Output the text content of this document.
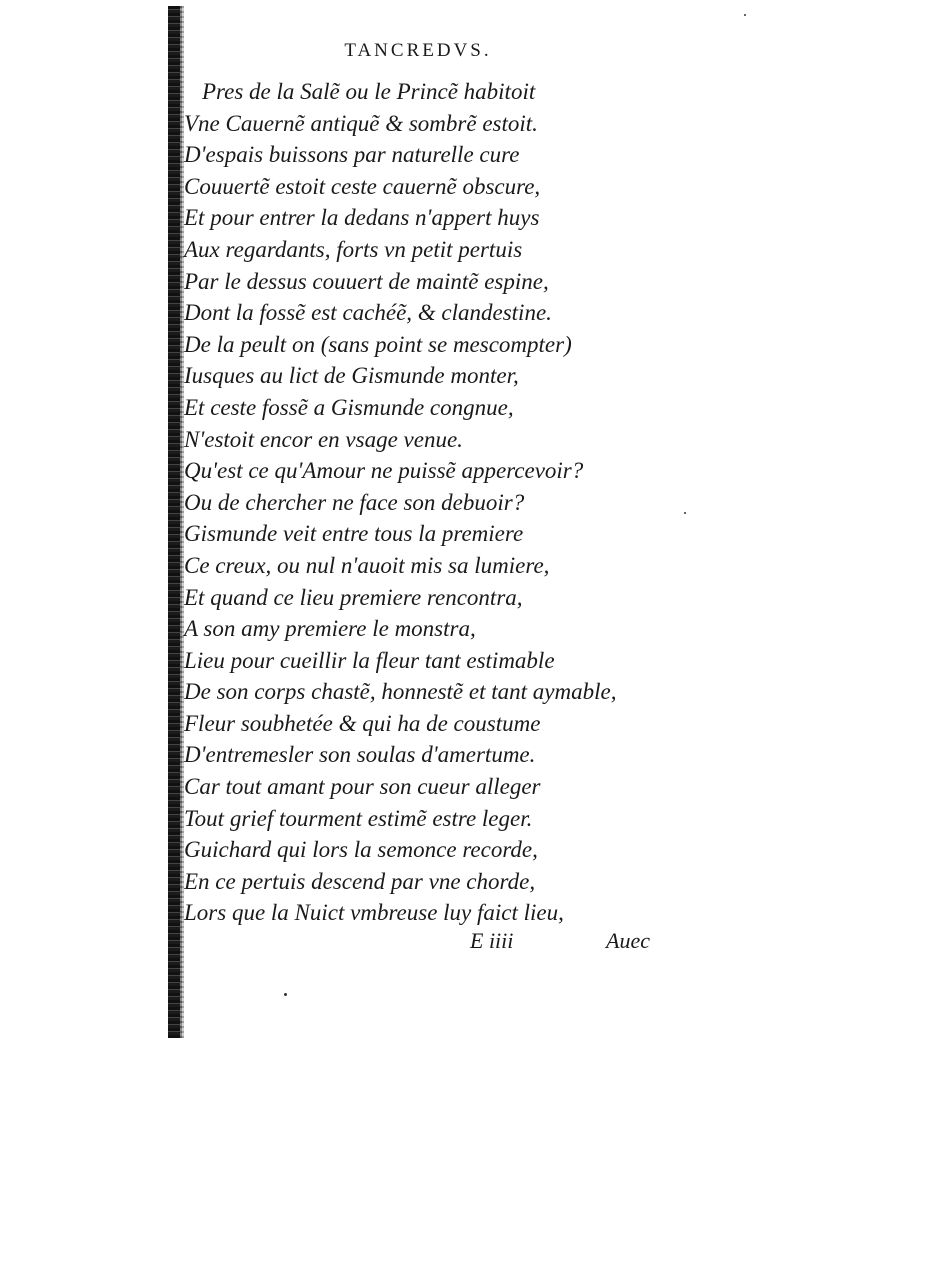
TANCREDVS.
Pres de la Salẽ ou le Princẽ habitoit
Vne Cauernẽ antiquẽ & sombrẽ estoit.
D'espais buissons par naturelle cure
Couuertẽ estoit ceste cauernẽ obscure,
Et pour entrer la dedans n'appert huys
Aux regardants, forts vn petit pertuis
Par le dessus couuert de maintẽ espine,
Dont la fossẽ est cachéẽ, & clandestine.
De la peult on (sans point se mescompter)
Iusques au lict de Gismunde monter,
Et ceste fossẽ a Gismunde congnue,
N'estoit encor en vsage venue.
Qu'est ce qu'Amour ne puissẽ appercevoir?
Ou de chercher ne face son debuoir?
Gismunde veit entre tous la premiere
Ce creux, ou nul n'auoit mis sa lumiere,
Et quand ce lieu premiere rencontra,
A son amy premiere le monstra,
Lieu pour cueillir la fleur tant estimable
De son corps chastẽ, honnestẽ et tant aymable,
Fleur soubhetée & qui ha de coustume
D'entremesler son soulas d'amertume.
Car tout amant pour son cueur alleger
Tout grief tourment estimẽ estre leger.
Guichard qui lors la semonce recorde,
En ce pertuis descend par vne chorde,
Lors que la Nuict vmbreuse luy faict lieu,
E iiii	Auec
